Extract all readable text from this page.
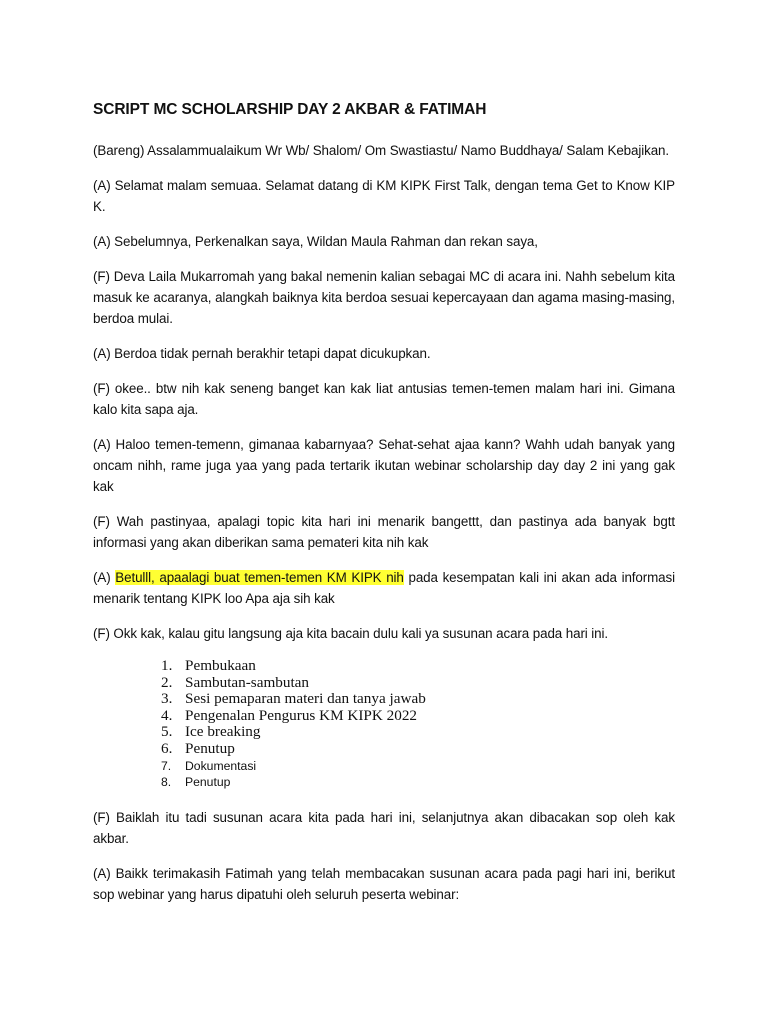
SCRIPT MC SCHOLARSHIP DAY 2 AKBAR & FATIMAH

(Bareng) Assalammualaikum Wr Wb/ Shalom/ Om Swastiastu/ Namo Buddhaya/ Salam Kebajikan.

(A) Selamat malam semuaa. Selamat datang di KM KIPK First Talk, dengan tema Get to Know KIP K.

(A) Sebelumnya, Perkenalkan saya, Wildan Maula Rahman dan rekan saya,

(F) Deva Laila Mukarromah yang bakal nemenin kalian sebagai MC di acara ini. Nahh sebelum kita masuk ke acaranya, alangkah baiknya kita berdoa sesuai kepercayaan dan agama masing-masing, berdoa mulai.

(A) Berdoa tidak pernah berakhir tetapi dapat dicukupkan.

(F) okee.. btw nih kak seneng banget kan kak liat antusias temen-temen malam hari ini. Gimana kalo kita sapa aja.

(A) Haloo temen-temenn, gimanaa kabarnyaa? Sehat-sehat ajaa kann? Wahh udah banyak yang oncam nihh, rame juga yaa yang pada tertarik ikutan webinar scholarship day day 2 ini yang gak kak

(F) Wah pastinyaa, apalagi topic kita hari ini menarik bangettt, dan pastinya ada banyak bgtt informasi yang akan diberikan sama pemateri kita nih kak

(A) Betulll, apaalagi buat temen-temen KM KIPK nih pada kesempatan kali ini akan ada informasi menarik tentang KIPK loo Apa aja sih kak

(F) Okk kak, kalau gitu langsung aja kita bacain dulu kali ya susunan acara pada hari ini.

1. Pembukaan
2. Sambutan-sambutan
3. Sesi pemaparan materi dan tanya jawab
4. Pengenalan Pengurus KM KIPK 2022
5. Ice breaking
6. Penutup
7.	Dokumentasi
8.	Penutup

(F) Baiklah itu tadi susunan acara kita pada hari ini, selanjutnya akan dibacakan sop oleh kak akbar.

(A) Baikk terimakasih Fatimah yang telah membacakan susunan acara pada pagi hari ini, berikut sop webinar yang harus dipatuhi oleh seluruh peserta webinar:
